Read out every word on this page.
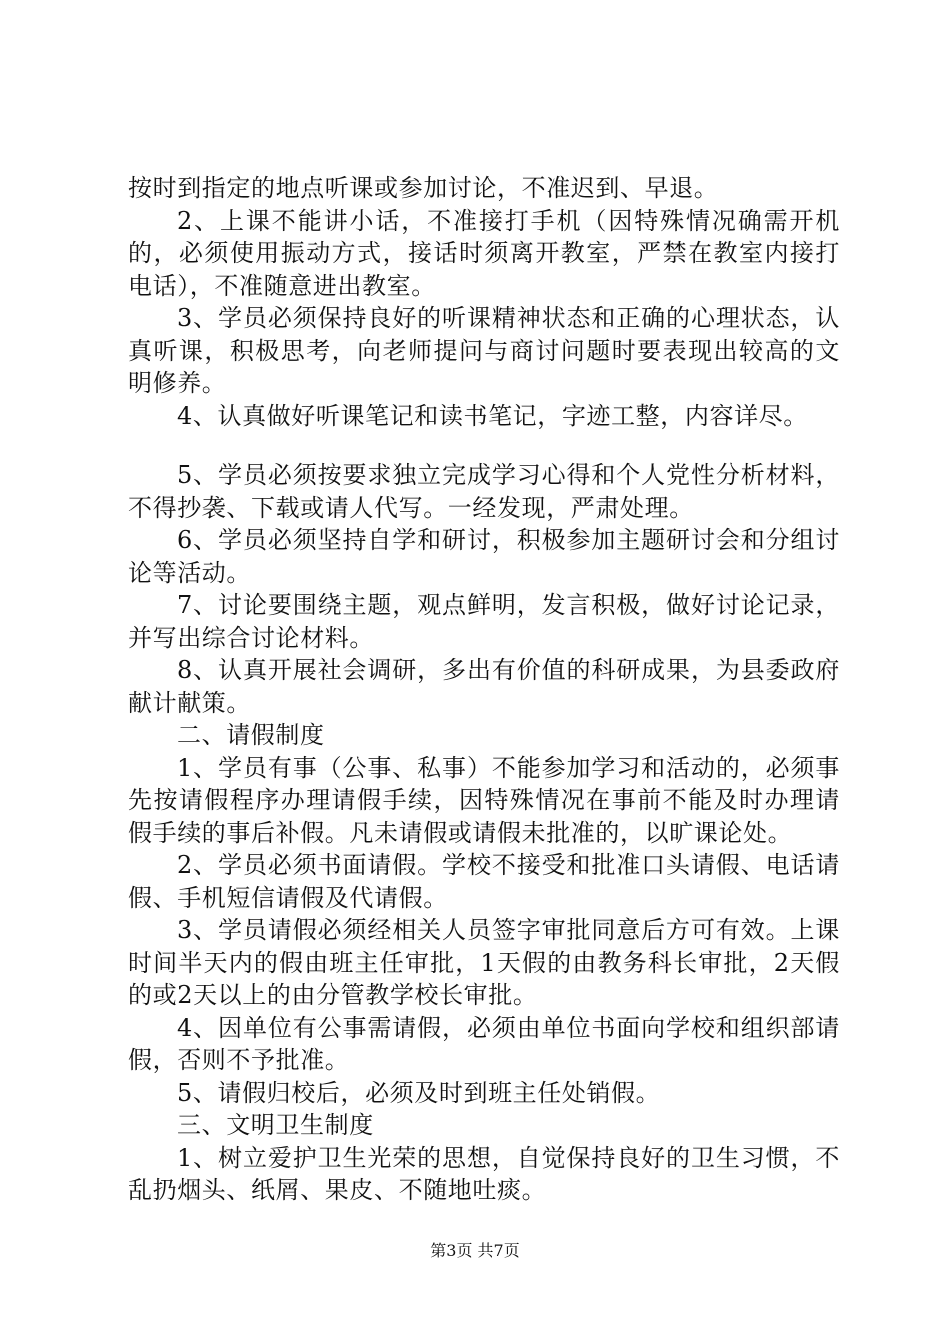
按时到指定的地点听课或参加讨论，不准迟到、早退。

2、上课不能讲小话，不准接打手机（因特殊情况确需开机的，必须使用振动方式，接话时须离开教室，严禁在教室内接打电话），不准随意进出教室。

3、学员必须保持良好的听课精神状态和正确的心理状态，认真听课，积极思考，向老师提问与商讨问题时要表现出较高的文明修养。

4、认真做好听课笔记和读书笔记，字迹工整，内容详尽。

5、学员必须按要求独立完成学习心得和个人党性分析材料，不得抄袭、下载或请人代写。一经发现，严肃处理。

6、学员必须坚持自学和研讨，积极参加主题研讨会和分组讨论等活动。

7、讨论要围绕主题，观点鲜明，发言积极，做好讨论记录，并写出综合讨论材料。

8、认真开展社会调研，多出有价值的科研成果，为县委政府献计献策。

二、请假制度

1、学员有事（公事、私事）不能参加学习和活动的，必须事先按请假程序办理请假手续，因特殊情况在事前不能及时办理请假手续的事后补假。凡未请假或请假未批准的，以旷课论处。

2、学员必须书面请假。学校不接受和批准口头请假、电话请假、手机短信请假及代请假。

3、学员请假必须经相关人员签字审批同意后方可有效。上课时间半天内的假由班主任审批，1天假的由教务科长审批，2天假的或2天以上的由分管教学校长审批。

4、因单位有公事需请假，必须由单位书面向学校和组织部请假，否则不予批准。

5、请假归校后，必须及时到班主任处销假。

三、文明卫生制度

1、树立爱护卫生光荣的思想，自觉保持良好的卫生习惯，不乱扔烟头、纸屑、果皮、不随地吐痰。

第3页 共7页
